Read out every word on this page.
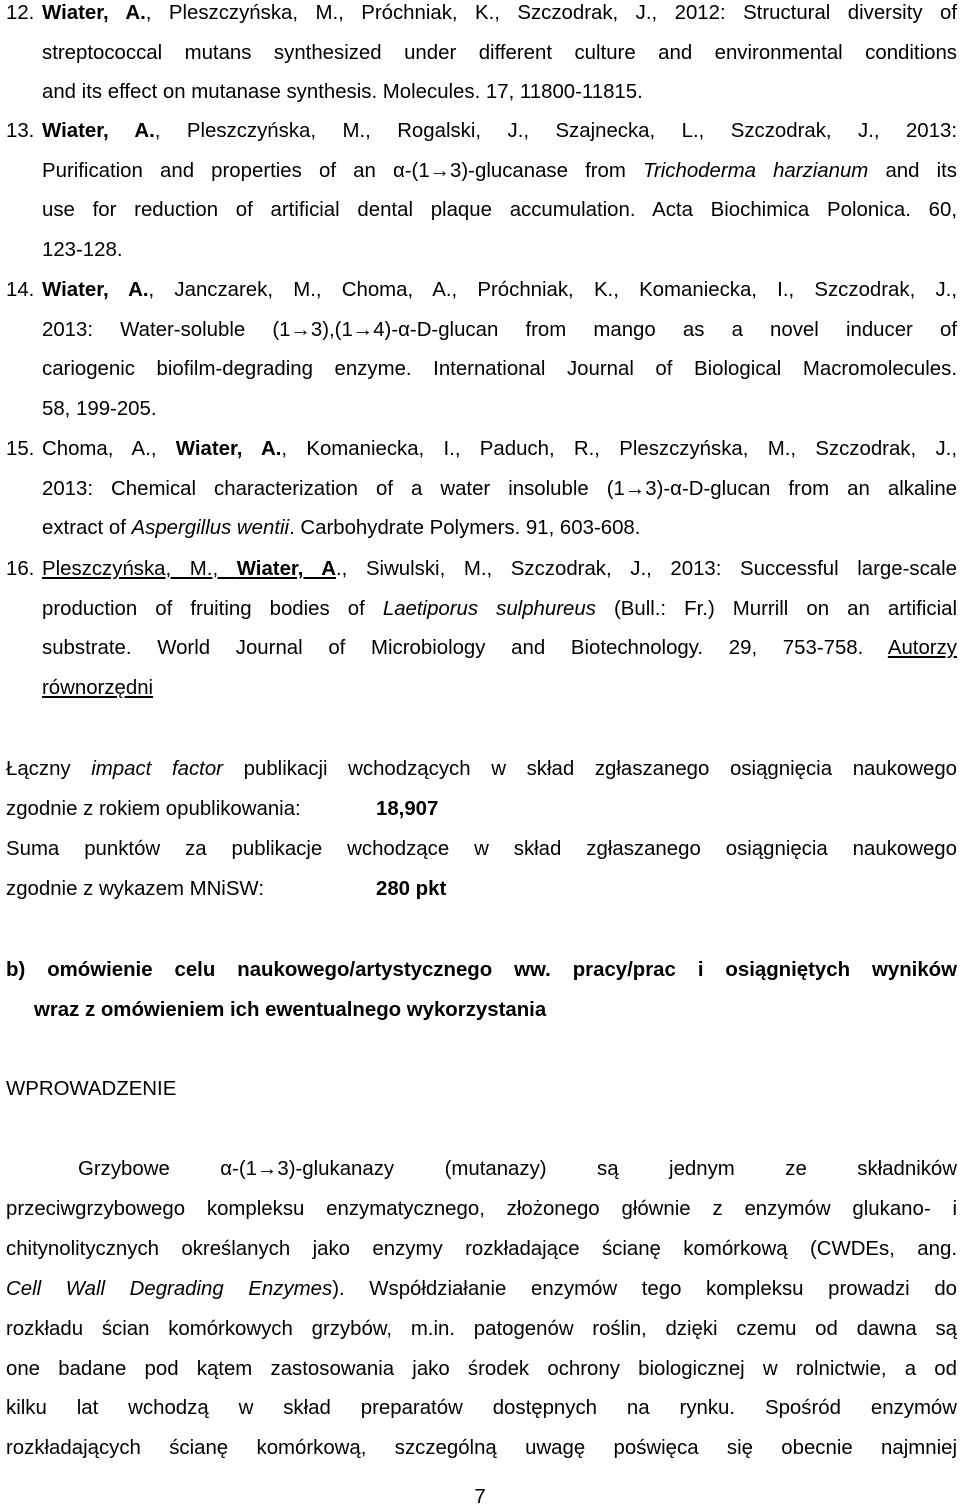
12. Wiater, A., Pleszczyńska, M., Próchniak, K., Szczodrak, J., 2012: Structural diversity of
streptococcal mutans synthesized under different culture and environmental conditions
and its effect on mutanase synthesis. Molecules. 17, 11800-11815.
13. Wiater, A., Pleszczyńska, M., Rogalski, J., Szajnecka, L., Szczodrak, J., 2013:
Purification and properties of an α-(1→3)-glucanase from Trichoderma harzianum and its
use for reduction of artificial dental plaque accumulation. Acta Biochimica Polonica. 60,
123-128.
14. Wiater, A., Janczarek, M., Choma, A., Próchniak, K., Komaniecka, I., Szczodrak, J.,
2013: Water-soluble (1→3),(1→4)-α-D-glucan from mango as a novel inducer of
cariogenic biofilm-degrading enzyme. International Journal of Biological Macromolecules.
58, 199-205.
15. Choma, A., Wiater, A., Komaniecka, I., Paduch, R., Pleszczyńska, M., Szczodrak, J.,
2013: Chemical characterization of a water insoluble (1→3)-α-D-glucan from an alkaline
extract of Aspergillus wentii. Carbohydrate Polymers. 91, 603-608.
16. Pleszczyńska, M., Wiater, A., Siwulski, M., Szczodrak, J., 2013: Successful large-scale
production of fruiting bodies of Laetiporus sulphureus (Bull.: Fr.) Murrill on an artificial
substrate. World Journal of Microbiology and Biotechnology. 29, 753-758. Autorzy
równorzędni
Łączny impact factor publikacji wchodzących w skład zgłaszanego osiągnięcia naukowego
zgodnie z rokiem opublikowania:	18,907
Suma punktów za publikacje wchodzące w skład zgłaszanego osiągnięcia naukowego
zgodnie z wykazem MNiSW:	280 pkt
b) omówienie celu naukowego/artystycznego ww. pracy/prac i osiągniętych wyników
wraz z omówieniem ich ewentualnego wykorzystania
WPROWADZENIE
Grzybowe α-(1→3)-glukanazy (mutanazy) są jednym ze składników
przeciwgrzybowego kompleksu enzymatycznego, złożonego głównie z enzymów glukano- i
chitynolitycznych określanych jako enzymy rozkładające ścianę komórkową (CWDEs, ang.
Cell Wall Degrading Enzymes). Współdziałanie enzymów tego kompleksu prowadzi do
rozkładu ścian komórkowych grzybów, m.in. patogenów roślin, dzięki czemu od dawna są
one badane pod kątem zastosowania jako środek ochrony biologicznej w rolnictwie, a od
kilku lat wchodzą w skład preparatów dostępnych na rynku. Spośród enzymów
rozkładających ścianę komórkową, szczególną uwagę poświęca się obecnie najmniej
7
